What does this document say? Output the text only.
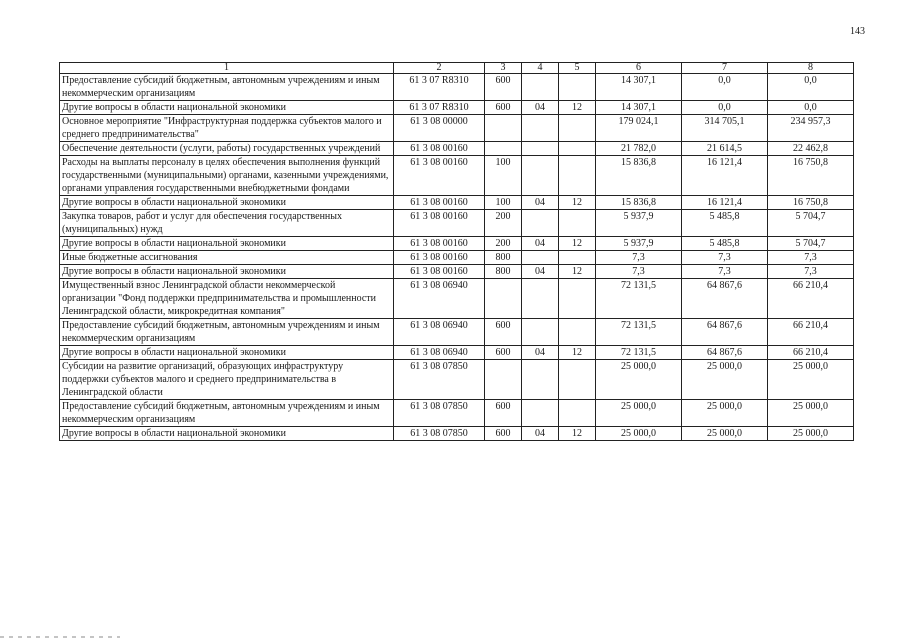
143
1	2	3	4	5	6	7	8
Предоставление субсидий бюджетным, автономным учреждениям и иным некоммерческим организациям	61 3 07 R8310	600			14 307,1	0,0	0,0
Другие вопросы в области национальной экономики	61 3 07 R8310	600	04	12	14 307,1	0,0	0,0
Основное мероприятие "Инфраструктурная поддержка субъектов малого и среднего предпринимательства"	61 3 08 00000				179 024,1	314 705,1	234 957,3
Обеспечение деятельности (услуги, работы) государственных учреждений	61 3 08 00160				21 782,0	21 614,5	22 462,8
Расходы на выплаты персоналу в целях обеспечения выполнения функций государственными (муниципальными) органами, казенными учреждениями, органами управления государственными внебюджетными фондами	61 3 08 00160	100			15 836,8	16 121,4	16 750,8
Другие вопросы в области национальной экономики	61 3 08 00160	100	04	12	15 836,8	16 121,4	16 750,8
Закупка товаров, работ и услуг для обеспечения государственных (муниципальных) нужд	61 3 08 00160	200			5 937,9	5 485,8	5 704,7
Другие вопросы в области национальной экономики	61 3 08 00160	200	04	12	5 937,9	5 485,8	5 704,7
Иные бюджетные ассигнования	61 3 08 00160	800			7,3	7,3	7,3
Другие вопросы в области национальной экономики	61 3 08 00160	800	04	12	7,3	7,3	7,3
Имущественный взнос Ленинградской области некоммерческой организации "Фонд поддержки предпринимательства и промышленности Ленинградской области, микрокредитная компания"	61 3 08 06940				72 131,5	64 867,6	66 210,4
Предоставление субсидий бюджетным, автономным учреждениям и иным некоммерческим организациям	61 3 08 06940	600			72 131,5	64 867,6	66 210,4
Другие вопросы в области национальной экономики	61 3 08 06940	600	04	12	72 131,5	64 867,6	66 210,4
Субсидии на развитие организаций, образующих инфраструктуру поддержки субъектов малого и среднего предпринимательства в Ленинградской области	61 3 08 07850				25 000,0	25 000,0	25 000,0
Предоставление субсидий бюджетным, автономным учреждениям и иным некоммерческим организациям	61 3 08 07850	600			25 000,0	25 000,0	25 000,0
Другие вопросы в области национальной экономики	61 3 08 07850	600	04	12	25 000,0	25 000,0	25 000,0
